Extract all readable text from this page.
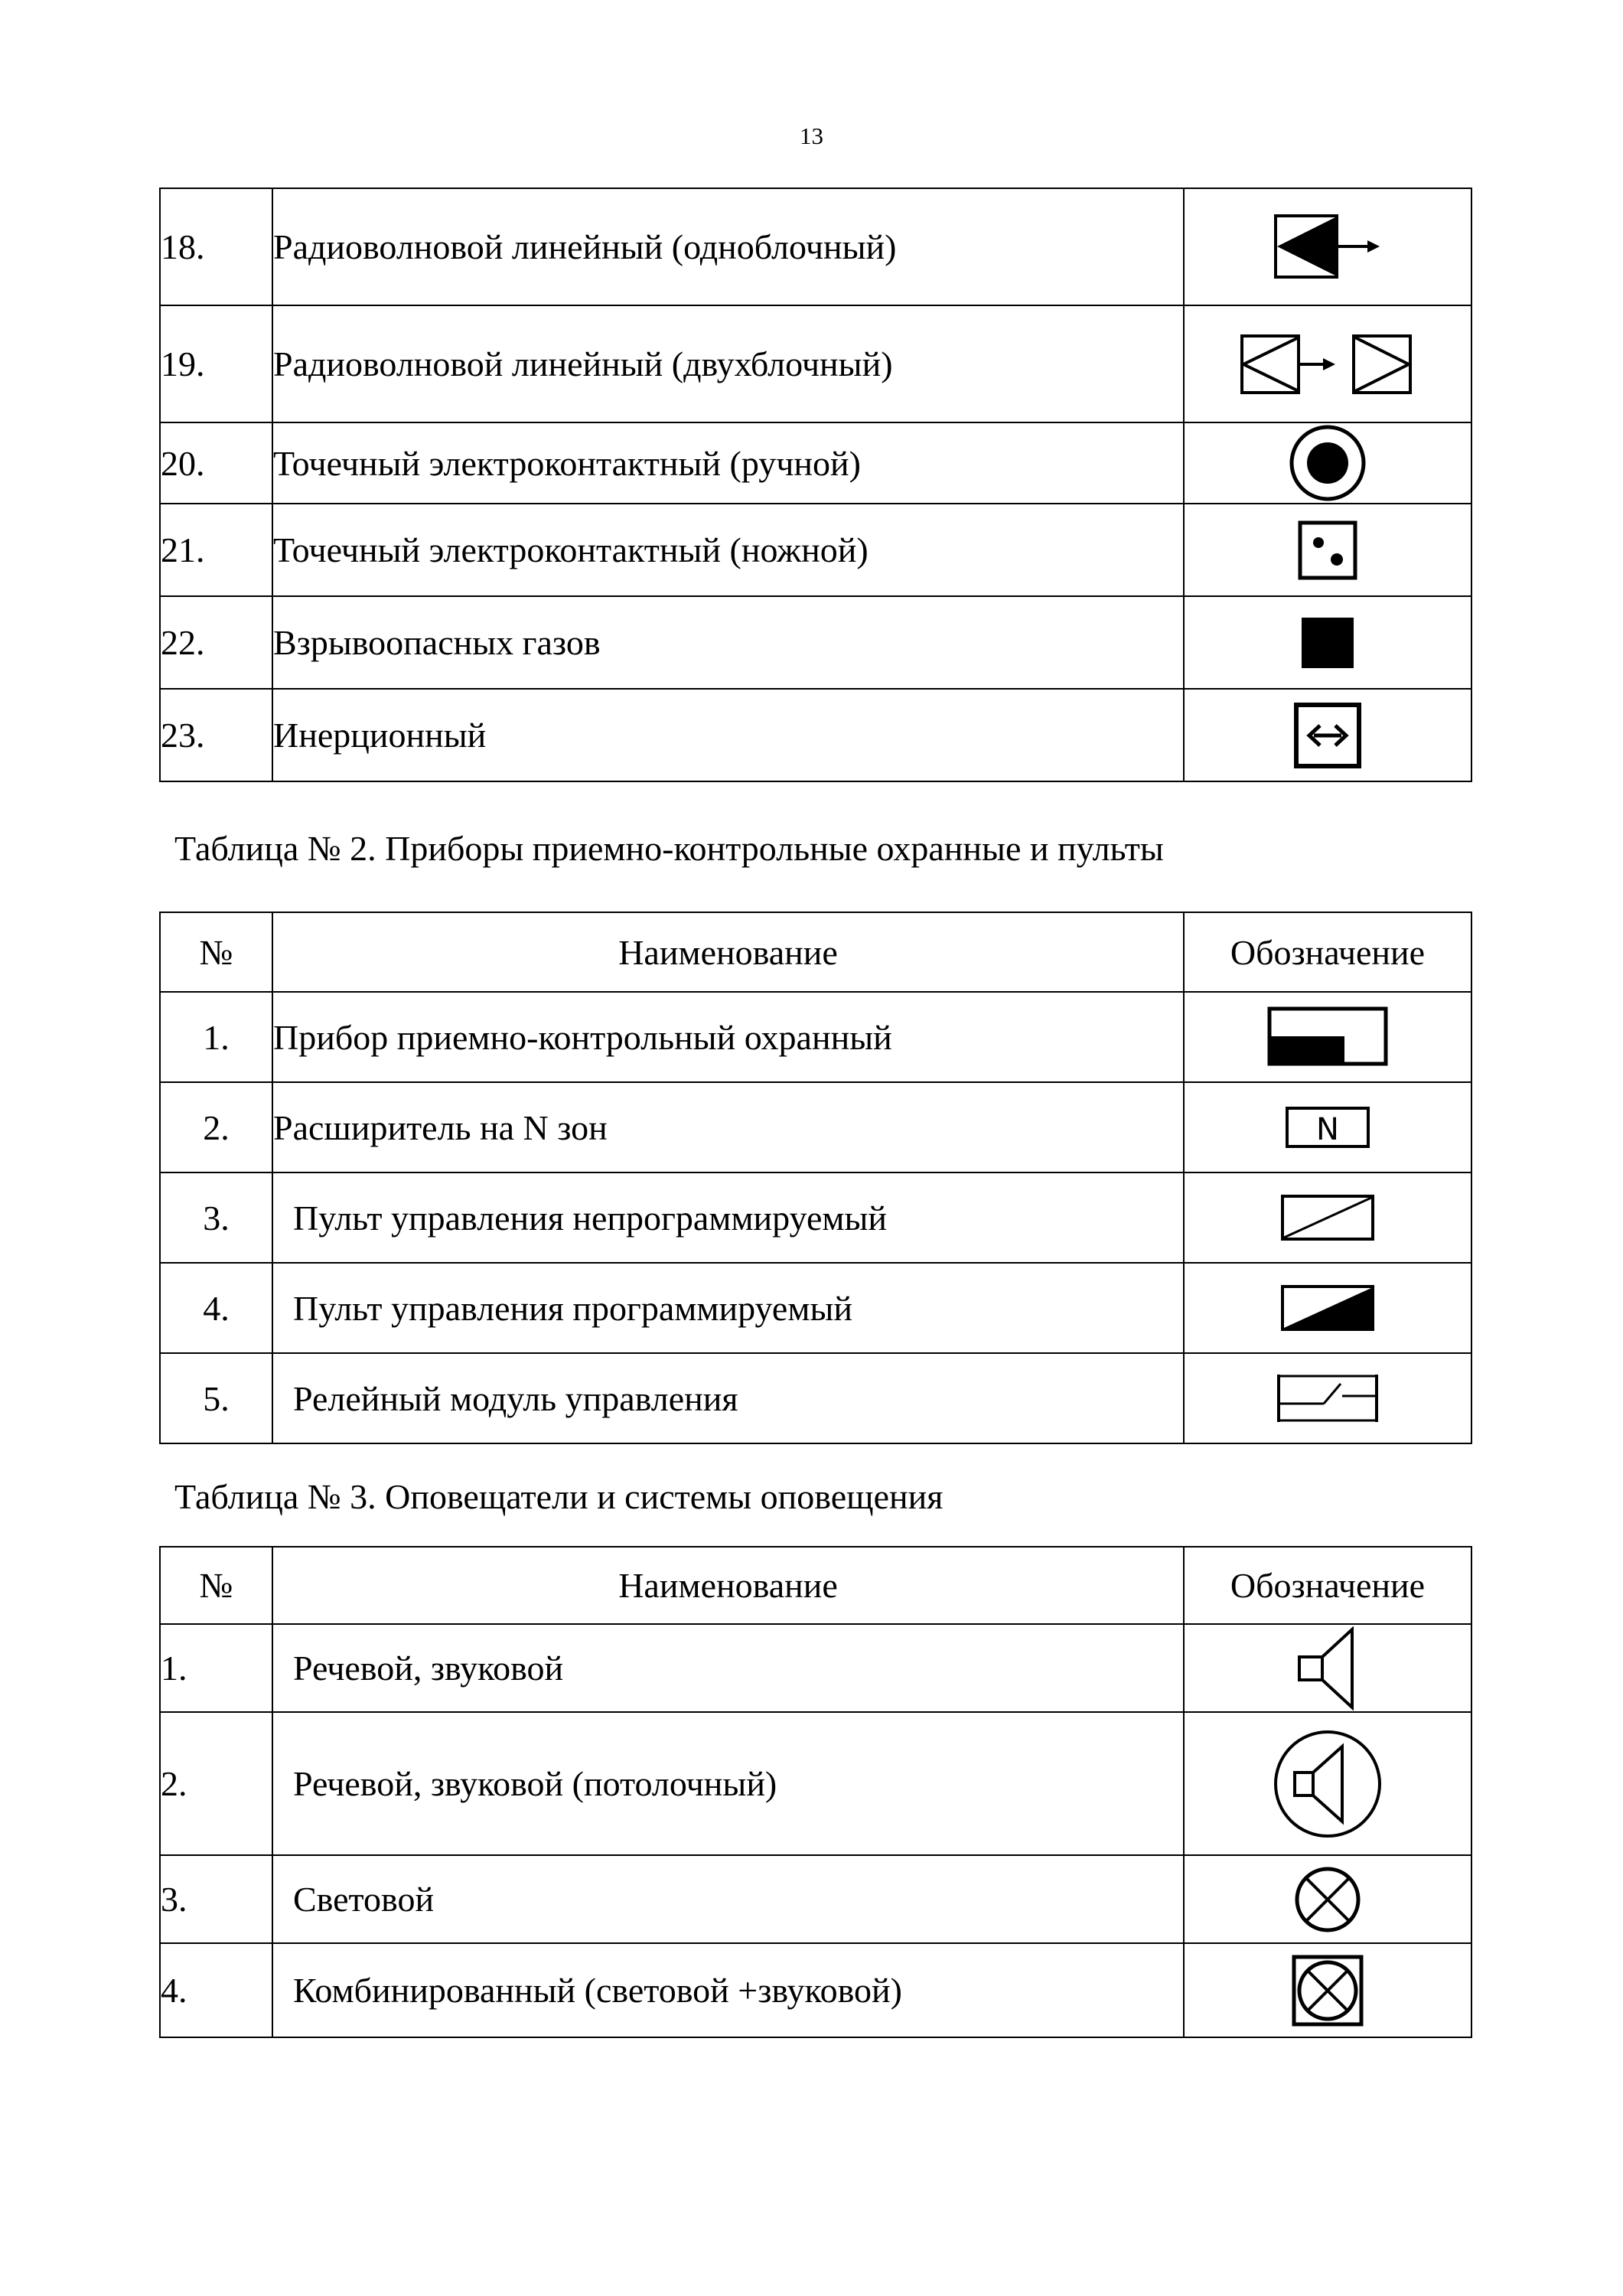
13
18.	Радиоволновой линейный (одноблочный)	

19.	Радиоволновой линейный (двухблочный)	

20.	Точечный электроконтактный (ручной)	

21.	Точечный электроконтактный (ножной)	

22.	Взрывоопасных газов	

23.	Инерционный	
Таблица № 2. Приборы приемно-контрольные охранные и пульты
№	Наименование	Обозначение
1.	Прибор приемно-контрольный охранный	

2.	Расширитель на N зон	N

3.	Пульт управления непрограммируемый	

4.	Пульт управления программируемый	

5.	Релейный модуль управления	
Таблица № 3. Оповещатели и системы оповещения
№	Наименование	Обозначение
1.	Речевой, звуковой	

2.	Речевой, звуковой (потолочный)	

3.	Световой	

4.	Комбинированный (световой +звуковой)	
